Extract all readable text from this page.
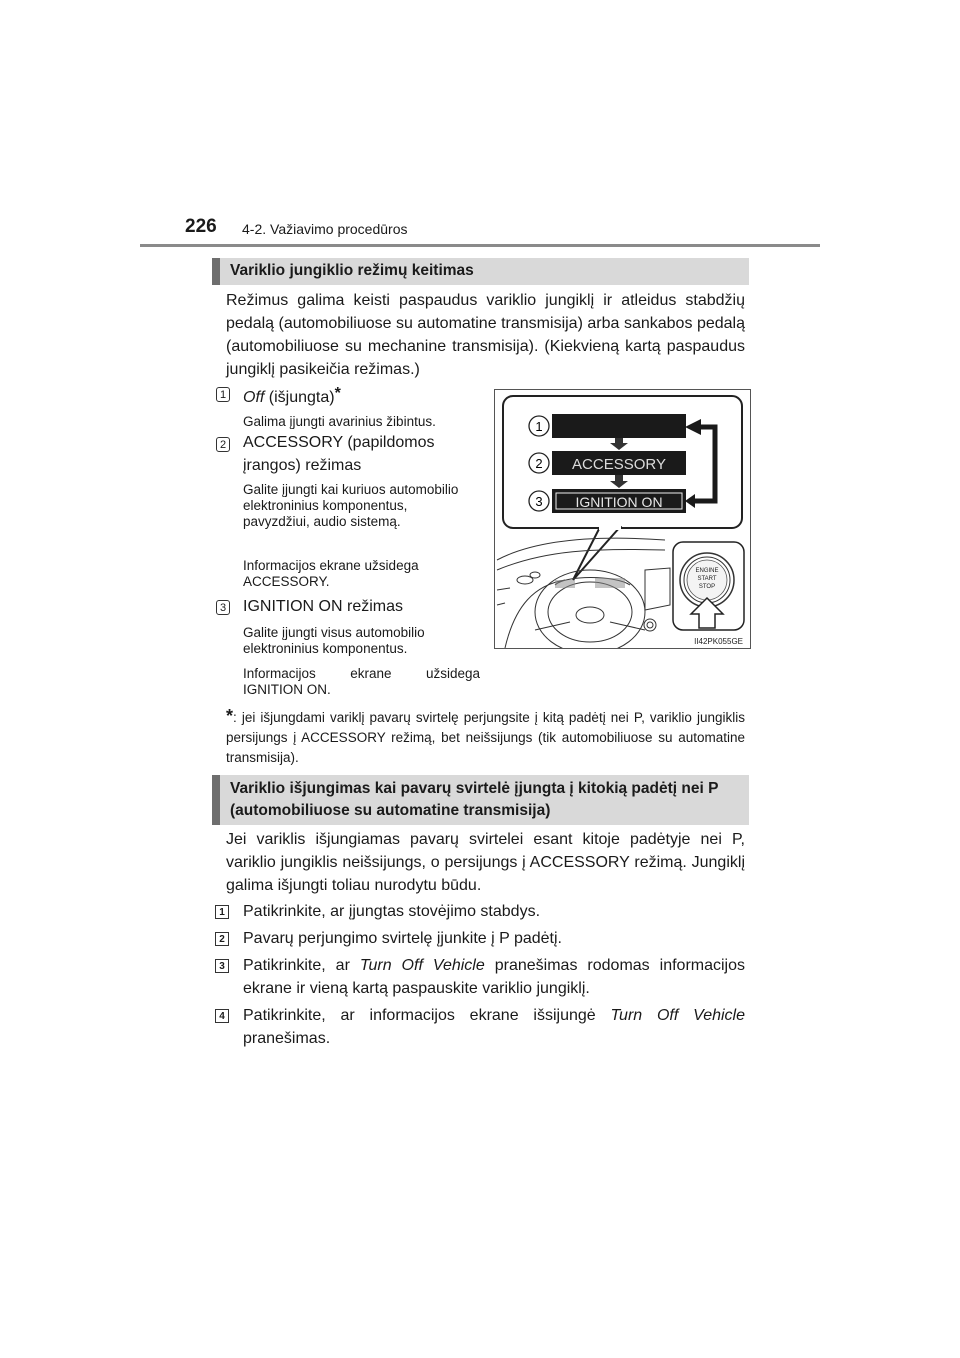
226 4-2. Važiavimo procedūros
Variklio jungiklio režimų keitimas
Režimus galima keisti paspaudus variklio jungiklį ir atleidus stabdžių pedalą (automobiliuose su automatine transmisija) arba sankabos pedalą (automobiliuose su mechanine transmisija). (Kiekvieną kartą paspaudus jungiklį pasikeičia režimas.)
1 Off (išjungta)*
Galima įjungti avarinius žibintus.
2 ACCESSORY (papildomos
įrangos) režimas
Galite įjungti kai kuriuos automobilio elektroninius komponentus, pavyzdžiui, audio sistemą.
Informacijos ekrane užsidega ACCESSORY.
3 IGNITION ON režimas
Galite įjungti visus automobilio elektroninius komponentus.
Informacijos ekrane užsidega IGNITION ON.
*: jei išjungdami variklį pavarų svirtelę perjungsite į kitą padėtį nei P, variklio jungiklis persijungs į ACCESSORY režimą, bet neišsijungs (tik automobiliuose su automatine transmisija).
1
2
3
ACCESSORY
IGNITION ON
ENGINE
START
STOP
II42PK055GE
Variklio išjungimas kai pavarų svirtelė įjungta į kitokią padėtį nei P (automobiliuose su automatine transmisija)
Jei variklis išjungiamas pavarų svirtelei esant kitoje padėtyje nei P, variklio jungiklis neišsijungs, o persijungs į ACCESSORY režimą. Jungiklį galima išjungti toliau nurodytu būdu.
1 Patikrinkite, ar įjungtas stovėjimo stabdys.
2 Pavarų perjungimo svirtelę įjunkite į P padėtį.
3 Patikrinkite, ar Turn Off Vehicle pranešimas rodomas informacijos ekrane ir vieną kartą paspauskite variklio jungiklį.
4 Patikrinkite, ar informacijos ekrane išsijungė Turn Off Vehicle pranešimas.
